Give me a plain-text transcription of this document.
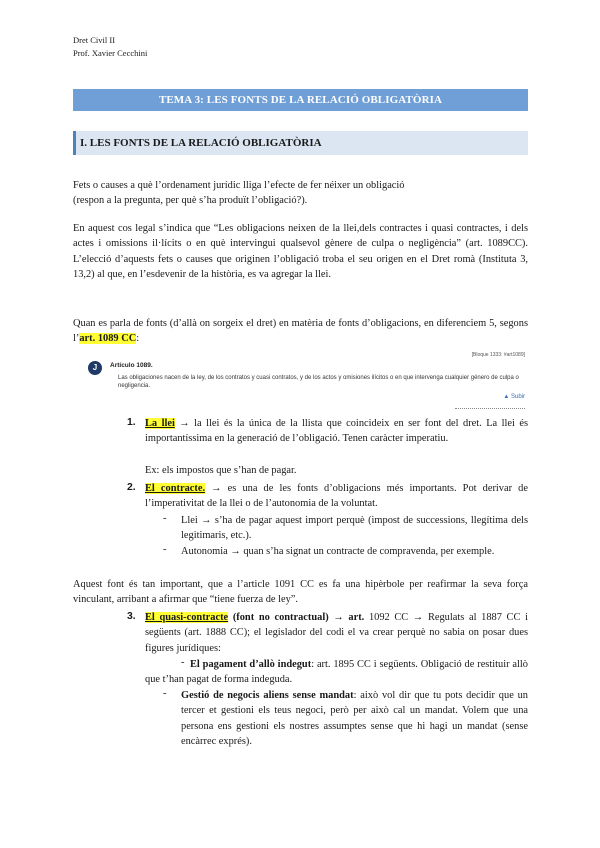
Dret Civil II
Prof. Xavier Cecchini
TEMA 3: LES FONTS DE LA RELACIÓ OBLIGATÒRIA
I. LES FONTS DE LA RELACIÓ OBLIGATÒRIA

Fets o causes a què l’ordenament jurídic lliga l’efecte de fer néixer un obligació
(respon a la pregunta, per què s’ha produït l’obligació?).

En aquest cos legal s’indica que “Les obligacions neixen de la llei,dels contractes i quasi contractes, i dels actes i omissions il·lícits o en què intervingui qualsevol gènere de culpa o negligència” (art. 1089CC). L’elecció d’aquests fets o causes que originen l’obligació troba el seu origen en el Dret romà (Instituta 3, 13,2) al que, en l’esdevenir de la història, es va agregar la llei.

Quan es parla de fonts (d’allà on sorgeix el dret) en matèria de fonts d’obligacions, en diferenciem 5, segons l’art. 1089 CC:

J	Artículo 1089.
[Bloque 1333: #art1089]
Las obligaciones nacen de la ley, de los contratos y cuasi contratos, y de los actos y omisiones ilícitos o en que intervenga cualquier género de culpa o negligencia.
▲ Subir
1. La llei → la llei és la única de la llista que coincideix en ser font del dret. La llei és importantíssima en la generació de l’obligació. Tenen caràcter imperatiu.

Ex: els impostos que s’han de pagar.

2. El contracte. → es una de les fonts d’obligacions més importants. Pot derivar de l’imperativitat de la llei o de l’autonomia de la voluntat.

- Llei → s’ha de pagar aquest import perquè (impost de successions, llegítima dels legitimaris, etc.).

- Autonomia → quan s’ha signat un contracte de compravenda, per exemple.

Aquest font és tan important, que a l’article 1091 CC es fa una hipèrbole per reafirmar la seva força vinculant, arribant a afirmar que “tiene fuerza de ley”.

3. El quasi-contracte (font no contractual) → art. 1092 CC → Regulats al 1887 CC i següents (art. 1888 CC); el legislador del codi el va crear perquè no sabia on posar dues figures jurídiques:

- El pagament d’allò indegut: art. 1895 CC i següents. Obligació de restituir allò que t’han pagat de forma indeguda.

- Gestió de negocis aliens sense mandat: això vol dir que tu pots decidir que un tercer et gestioni els teus negoci, però per això cal un mandat. Volem que una persona ens gestioni els nostres assumptes sense que hi hagi un mandat (sense encàrrec exprés).
